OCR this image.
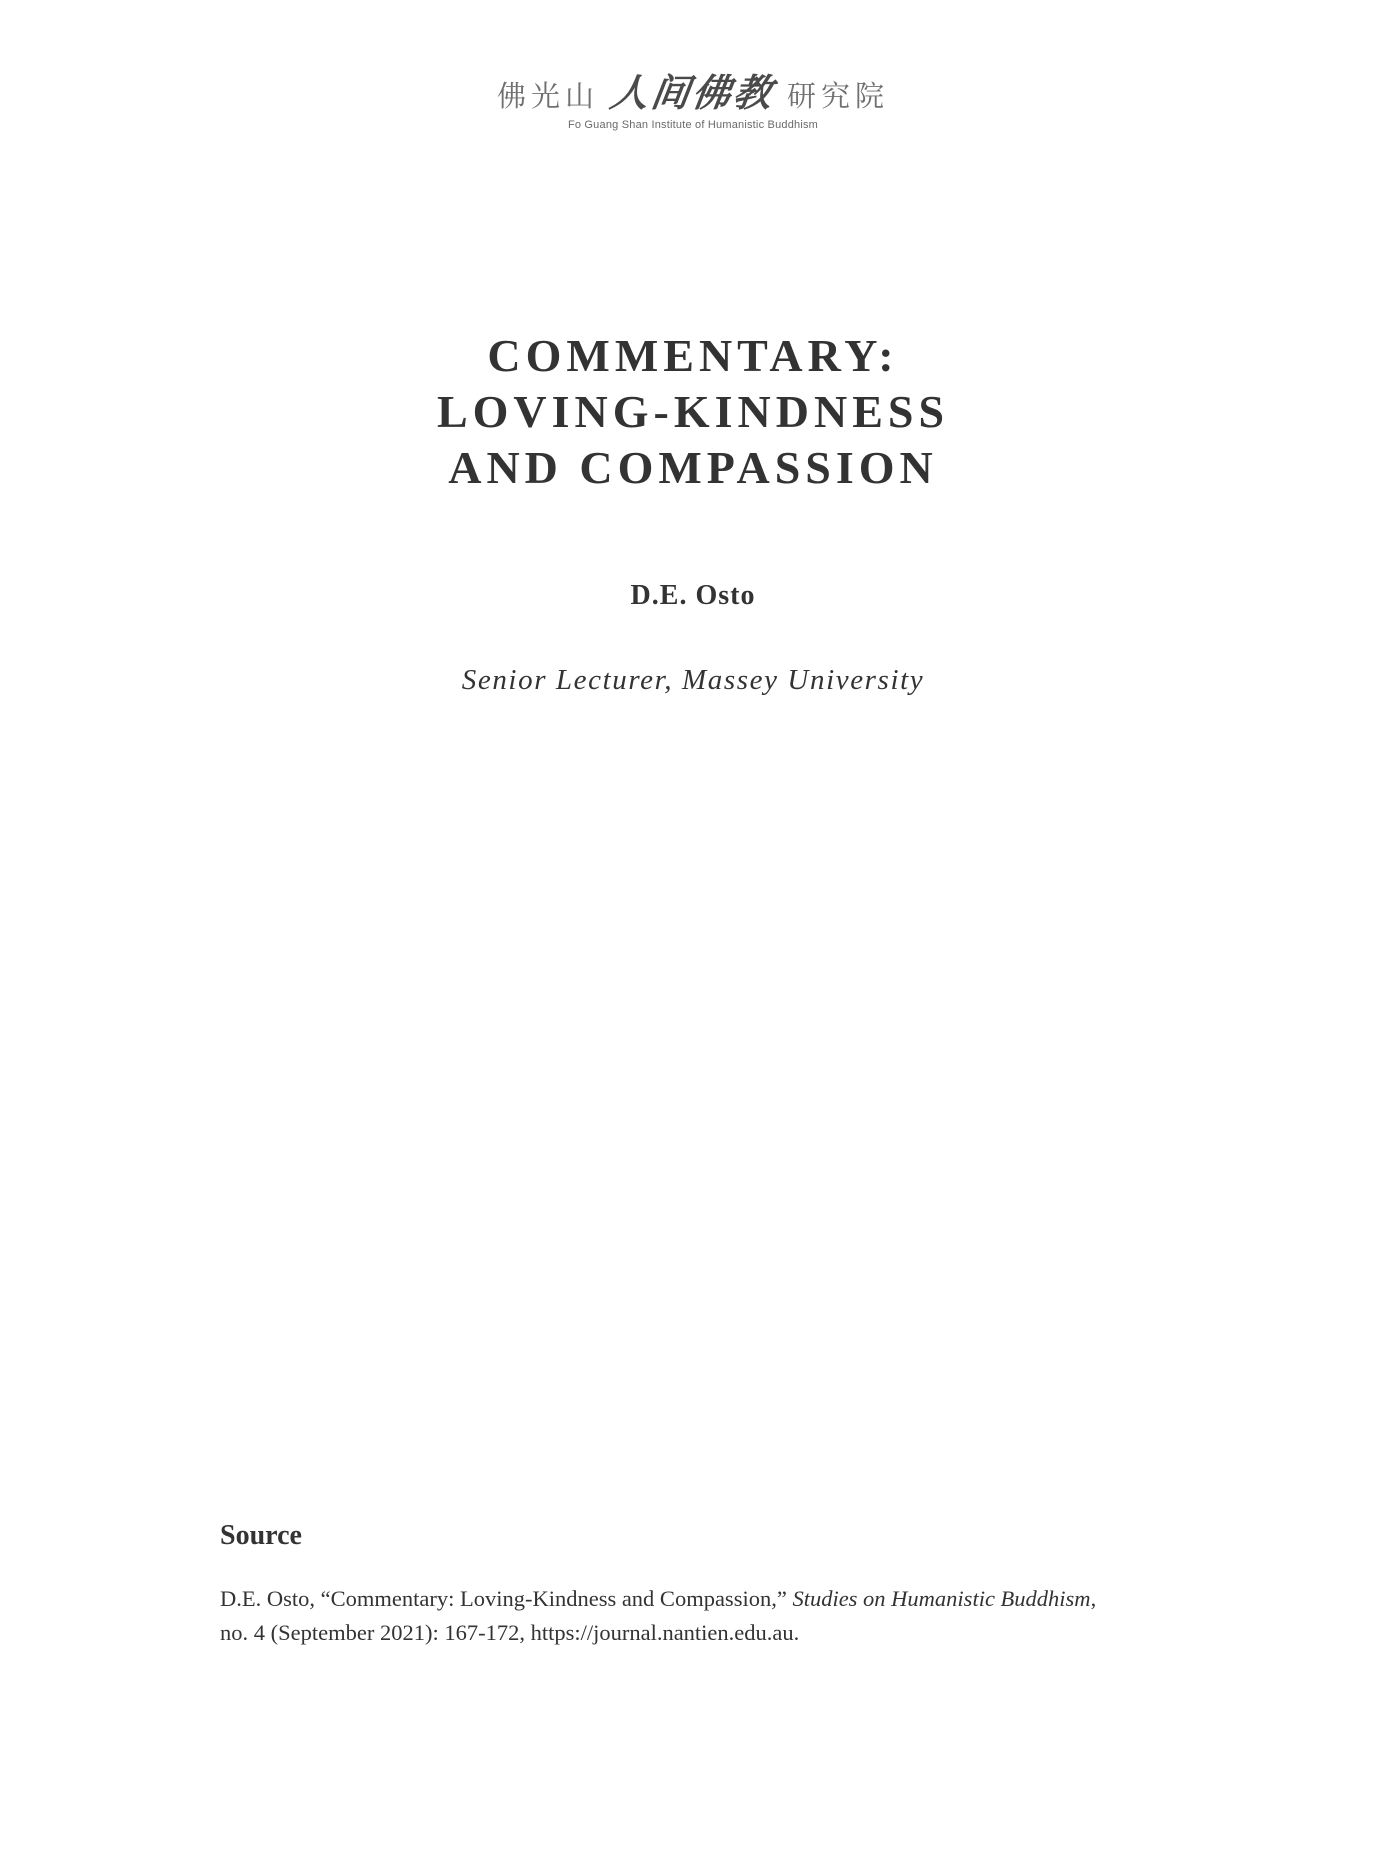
佛光山 人间佛教 研究院
Fo Guang Shan Institute of Humanistic Buddhism
COMMENTARY:
LOVING-KINDNESS
AND COMPASSION
D.E. Osto
Senior Lecturer, Massey University
Source
D.E. Osto, “Commentary: Loving-Kindness and Compassion,” Studies on Humanistic Buddhism,
no. 4 (September 2021): 167-172, https://journal.nantien.edu.au.
